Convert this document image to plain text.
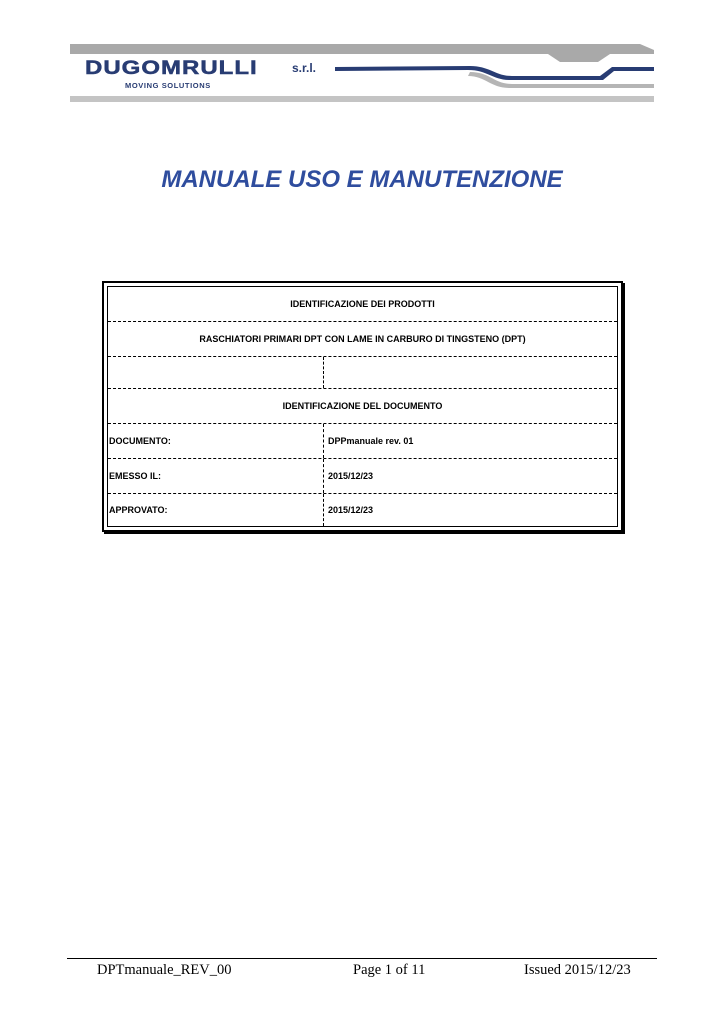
DUGOMRULLI	s.r.l.
MOVING SOLUTIONS
MANUALE USO E MANUTENZIONE
IDENTIFICAZIONE DEI PRODOTTI
RASCHIATORI PRIMARI DPT CON LAME IN CARBURO DI TINGSTENO (DPT)
IDENTIFICAZIONE DEL DOCUMENTO
DOCUMENTO:	DPPmanuale rev. 01
EMESSO IL:	2015/12/23
APPROVATO:	2015/12/23
DPTmanuale_REV_00	Page 1 of 11	Issued 2015/12/23
